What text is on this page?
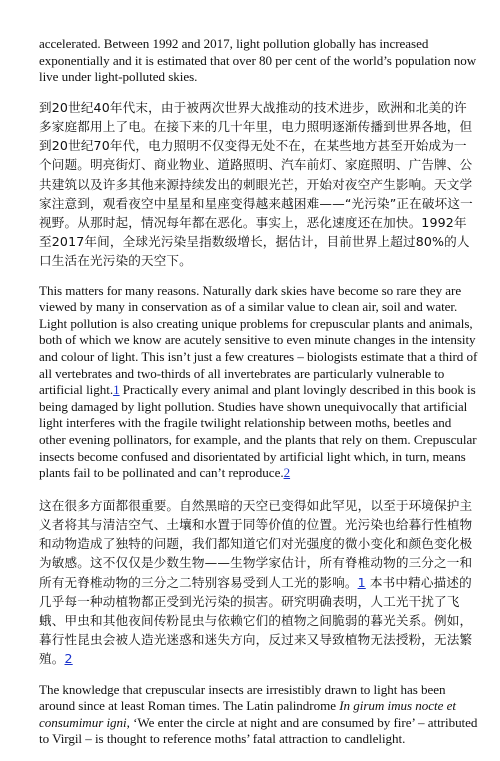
accelerated. Between 1992 and 2017, light pollution globally has increased exponentially and it is estimated that over 80 per cent of the world’s population now live under light-polluted skies.

到20世纪40年代末，由于被两次世界大战推动的技术进步，欧洲和北美的许多家庭都用上了电。在接下来的几十年里，电力照明逐渐传播到世界各地，但到20世纪70年代，电力照明不仅变得无处不在，在某些地方甚至开始成为一个问题。明亮街灯、商业物业、道路照明、汽车前灯、家庭照明、广告牌、公共建筑以及许多其他来源持续发出的刺眼光芒，开始对夜空产生影响。天文学家注意到，观看夜空中星星和星座变得越来越困难——“光污染”正在破坏这一视野。从那时起，情况每年都在恶化。事实上，恶化速度还在加快。1992年至2017年间，全球光污染呈指数级增长，据估计，目前世界上超过80%的人口生活在光污染的天空下。

This matters for many reasons. Naturally dark skies have become so rare they are viewed by many in conservation as of a similar value to clean air, soil and water. Light pollution is also creating unique problems for crepuscular plants and animals, both of which we know are acutely sensitive to even minute changes in the intensity and colour of light. This isn’t just a few creatures – biologists estimate that a third of all vertebrates and two-thirds of all invertebrates are particularly vulnerable to artificial light.1 Practically every animal and plant lovingly described in this book is being damaged by light pollution. Studies have shown unequivocally that artificial light interferes with the fragile twilight relationship between moths, beetles and other evening pollinators, for example, and the plants that rely on them. Crepuscular insects become confused and disorientated by artificial light which, in turn, means plants fail to be pollinated and can’t reproduce.2

这在很多方面都很重要。自然黑暗的天空已变得如此罕见，以至于环境保护主义者将其与清洁空气、土壤和水置于同等价值的位置。光污染也给暮行性植物和动物造成了独特的问题，我们都知道它们对光强度的微小变化和颜色变化极为敏感。这不仅仅是少数生物——生物学家估计，所有脊椎动物的三分之一和所有无脊椎动物的三分之二特别容易受到人工光的影响。1 本书中精心描述的几乎每一种动植物都正受到光污染的损害。研究明确表明，人工光干扰了飞蛾、甲虫和其他夜间传粉昆虫与依赖它们的植物之间脆弱的暮光关系。例如，暮行性昆虫会被人造光迷惑和迷失方向，反过来又导致植物无法授粉，无法繁殖。2

The knowledge that crepuscular insects are irresistibly drawn to light has been around since at least Roman times. The Latin palindrome In girum imus nocte et consumimur igni, ‘We enter the circle at night and are consumed by fire’ – attributed to Virgil – is thought to reference moths’ fatal attraction to candlelight.
